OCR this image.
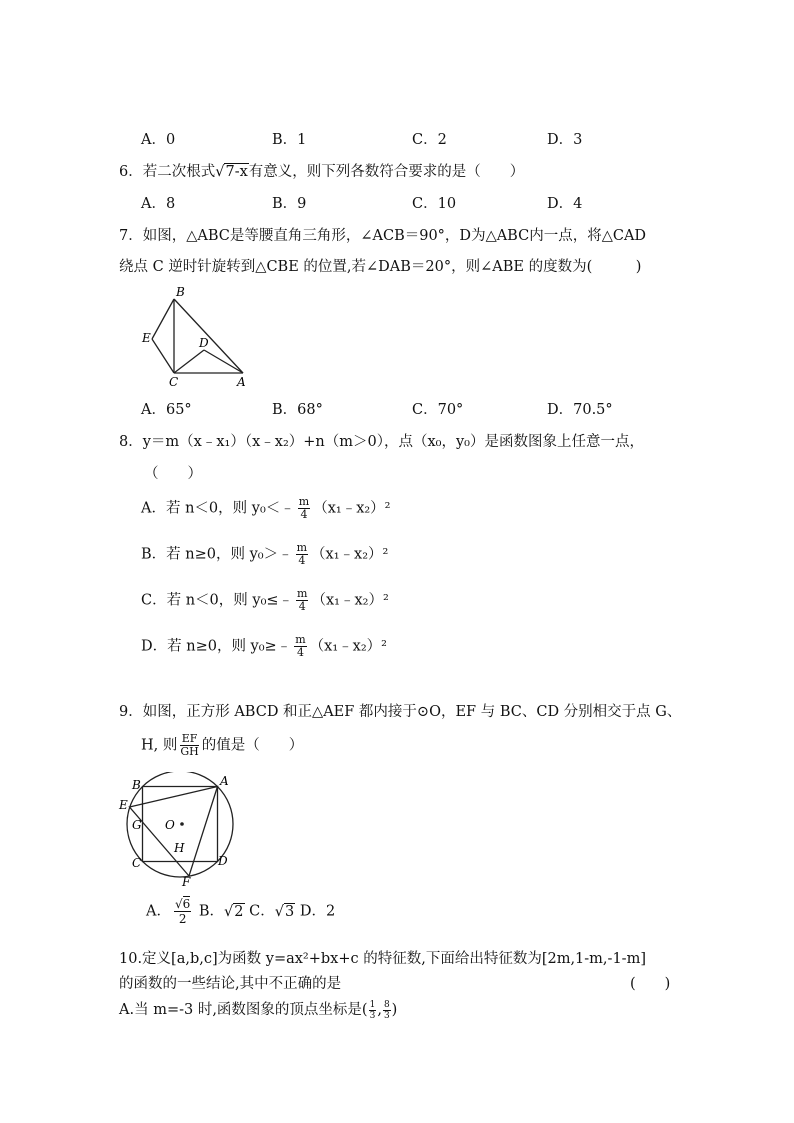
A．0	B．1	C．2	D．3
6．若二次根式√7-x有意义，则下列各数符合要求的是（　　）
A．8	B．9	C．10	D．4
7．如图，△ABC是等腰直角三角形，∠ACB＝90°，D为△ABC内一点，将△CAD
绕点 C 逆时针旋转到△CBE 的位置,若∠DAB＝20°，则∠ABE 的度数为(　　　)
B
E	D
C	A
A．65°	B．68°	C．70°	D．70.5°
8．y＝m（x﹣x₁）（x﹣x₂）+n（m＞0），点（x₀，y₀）是函数图象上任意一点，
（　　）
A．若 n＜0，则 y₀＜﹣ $\frac{m}{4}$ （x₁﹣x₂）²
B．若 n≥0，则 y₀＞﹣ $\frac{m}{4}$ （x₁﹣x₂）²
C．若 n＜0，则 y₀≤﹣ $\frac{m}{4}$ （x₁﹣x₂）²
D．若 n≥0，则 y₀≥﹣ $\frac{m}{4}$ （x₁﹣x₂）²
9．如图，正方形 ABCD 和正△AEF 都内接于⊙O，EF 与 BC、CD 分别相交于点 G、
H, 则 $\frac{EF}{GH}$ 的值是（　　）
B	A
E
G O
H
C	D
F
A． $\frac{√6}{2}$ B．√2 C．√3 D．2
10.定义[a,b,c]为函数 y=ax²+bx+c 的特征数,下面给出特征数为[2m,1-m,-1-m]
的函数的一些结论,其中不正确的是	(　　)
A.当 m=-3 时,函数图象的顶点坐标是( $\frac{1}{3}$ , $\frac{8}{3}$ )
